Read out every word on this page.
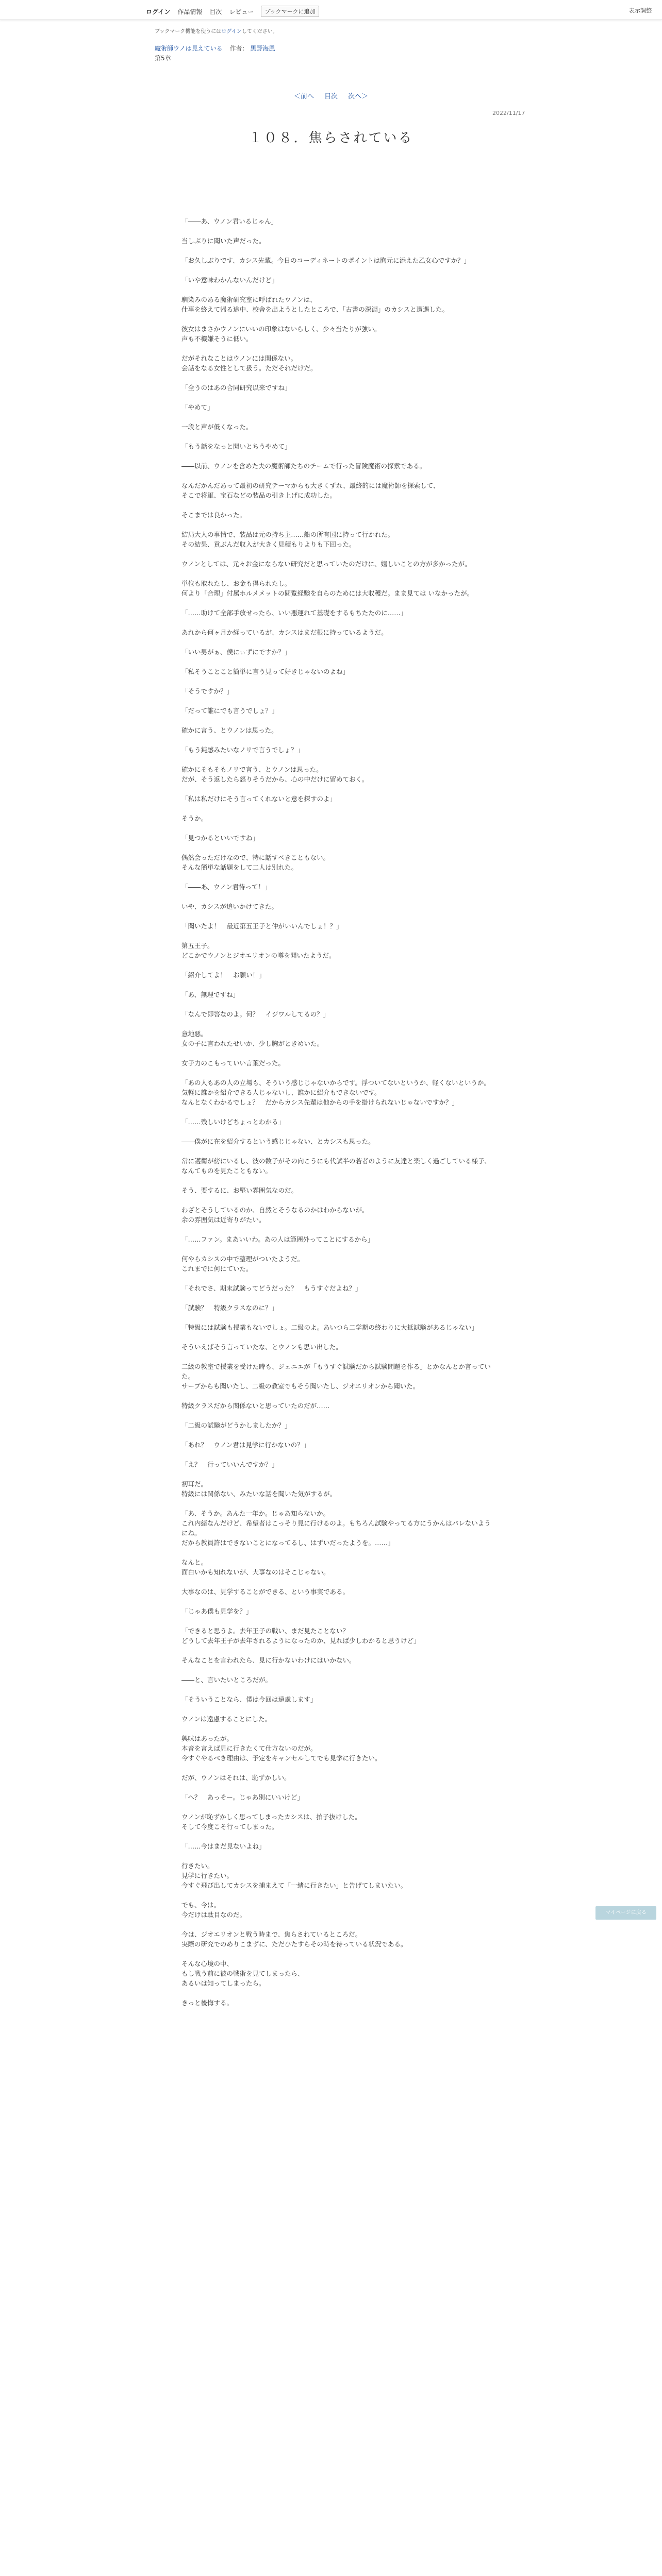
ログイン 作品情報 目次 レビュー	ブックマークに追加	表示調整
ブックマーク機能を使うにはログインしてください。
魔術師ウノは見えている 作者： 黒野海風
第5章
＜前へ 目次 次へ＞
2022/11/17
１０８．焦らされている

「――あ、ウノン君いるじゃん」

当しぶりに聞いた声だった。

「お久しぶりです、カシス先輩。今日のコーディネートのポイントは胸元に添えた乙女心ですか？」

「いや意味わかんないんだけど」

馴染みのある魔術研究室に呼ばれたウノンは、
仕事を終えて帰る途中、校舎を出ようとしたところで、「古書の深淵」のカシスと遭遇した。

彼女はまさかウノンにいいの印象はないらしく、少々当たりが強い。
声も不機嫌そうに低い。

だがそれなことはウノンには関係ない。
会話をなる女性として扱う。ただそれだけだ。

「全うのはあの合同研究以来ですね」

「やめて」

一段と声が低くなった。

「もう話をなっと聞いとちうやめて」

――以前、ウノンを含めた夫の魔術師たちのチームで行った冒険魔術の探索である。

なんだかんだあって最初の研究テーマからも大きくずれ、最終的には魔術師を探索して、
そこで将軍、宝石などの装品の引き上げに成功した。

そこまでは良かった。

結局大人の事情で、装品は元の持ち主……船の所有国に持って行かれた。
その結果、貢ぶんだ収入が大きく見積もりよりも下回った。

ウノンとしては、元々お金にならない研究だと思っていたのだけに、嬉しいことの方が多かったが。

単位も取れたし、お金も得られたし。
何より「合理」付属ホルメメットの閲覧経験を自らのためには大収穫だ。まま見ては いなかったが。

「……助けて全部手放せったら、いい悪運れて基礎をするもちたたのに……」

あれから何ヶ月か経っているが、カシスはまだ根に持っているようだ。

「いい男がぁ、僕にぃずにですか？」

「私そうことこと簡単に言う見って好きじゃないのよね」

「そうですか？」

「だって誰にでも言うでしょ？」

確かに言う、とウノンは思った。

「もう鈍感みたいなノリで言うでしょ？」

確かにそもそもノリで言う、とウノンは思った。
だが、そう返したら怒りそうだから、心の中だけに留めておく。

「私は私だけにそう言ってくれないと意を探すのよ」

そうか。

「見つかるといいですね」

偶然会っただけなので、特に話すべきこともない。
そんな簡単な話題をして二人は別れた。

「――あ、ウノン君待って！」

いや、カシスが追いかけてきた。

「聞いたよ！　最近第五王子と仲がいいんでしょ！？」

第五王子。
どこかでウノンとジオエリオンの噂を聞いたようだ。

「紹介してよ！　お願い！」

「あ、無理ですね」

「なんで即答なのよ。何？　イジワルしてるの？」

意地悪。
女の子に言われたせいか、少し胸がときめいた。

女子力のこもっていい言葉だった。

「あの人もあの人の立場も、そういう感じじゃないからです。浮ついてないというか、軽くないというか。
気軽に誰かを紹介できる人じゃないし、誰かに紹介もできないです。
なんとなくわかるでしょ？　だからカシス先輩は他からの手を掛けられないじゃないですか？」

「……残しいけどちょっとわかる」

――僕がに在を紹介するという感じじゃない、とカシスも思った。

常に護衛が傍にいるし、彼の数子がその向こうにも代試半の若者のように友達と楽しく過ごしている様子、なんてものを見たこともない。

そう、要するに、お堅い雰囲気なのだ。

わざとそうしているのか、自然とそうなるのかはわからないが。
余の雰囲気は近寄りがたい。

「……ファン。まあいいわ。あの人は範囲外ってことにするから」

何やらカシスの中で整理がついたようだ。
これまでに何にていた。

「それでさ、期末試験ってどうだった？　もうすぐだよね？」

「試験？　特級クラスなのに？」

「特級には試験も授業もないでしょ。二級のよ。あいつら二学期の終わりに大抵試験があるじゃない」

そういえばそう言っていたな、とウノンも思い出した。

二級の教室で授業を受けた時も、ジェニエが「もうすぐ試験だから試験問題を作る」とかなんとか言っていた。
サーブからも聞いたし、二級の教室でもそう聞いたし、ジオエリオンから聞いた。

特級クラスだから関係ないと思っていたのだが……

「二級の試験がどうかしましたか？」

「あれ？　ウノン君は見学に行かないの？」

「え？　行っていいんですか？」

初耳だ。
特級には関係ない、みたいな話を聞いた気がするが。

「あ、そうか。あんた一年か。じゃあ知らないか。
これ内緒なんだけど、希望者はこっそり見に行けるのよ。もちろん試験やってる方にうかんはバレないようにね。
だから教員許はできないことになってるし、はずいだったようを。……」

なんと。
面白いかも知れないが、大事なのはそこじゃない。

大事なのは、見学することができる、という事実である。

「じゃあ僕も見学を？」

「できると思うよ。去年王子の戦い、まだ見たことない？
どうして去年王子が去年されるようになったのか、見れば少しわかると思うけど」

そんなことを言われたら、見に行かないわけにはいかない。

――と、言いたいところだが。

「そういうことなら、僕は今回は遠慮します」

ウノンは遠慮することにした。

興味はあったが。
本音を言えば見に行きたくて仕方ないのだが。
今すぐやるべき理由は、予定をキャンセルしてでも見学に行きたい。

だが、ウノンはそれは、恥ずかしい。

「へ？　あっそー。じゃあ別にいいけど」

ウノンが恥ずかしく思ってしまったカシスは、拍子抜けした。
そして今度こそ行ってしまった。

「……今はまだ見ないよね」

行きたい。
見学に行きたい。
今すぐ飛び出してカシスを捕まえて「一緒に行きたい」と告げてしまいたい。

でも、今は。
今だけは駄目なのだ。

今は、ジオエリオンと戦う時まで、焦らされているところだ。
実際の研究でのめりこまずに、ただひたすらその時を待っている状況である。

そんな心境の中、
もし戦う前に彼の戦術を見てしまったら、
あるいは知ってしまったら。

きっと後悔する。

マイページに戻る
